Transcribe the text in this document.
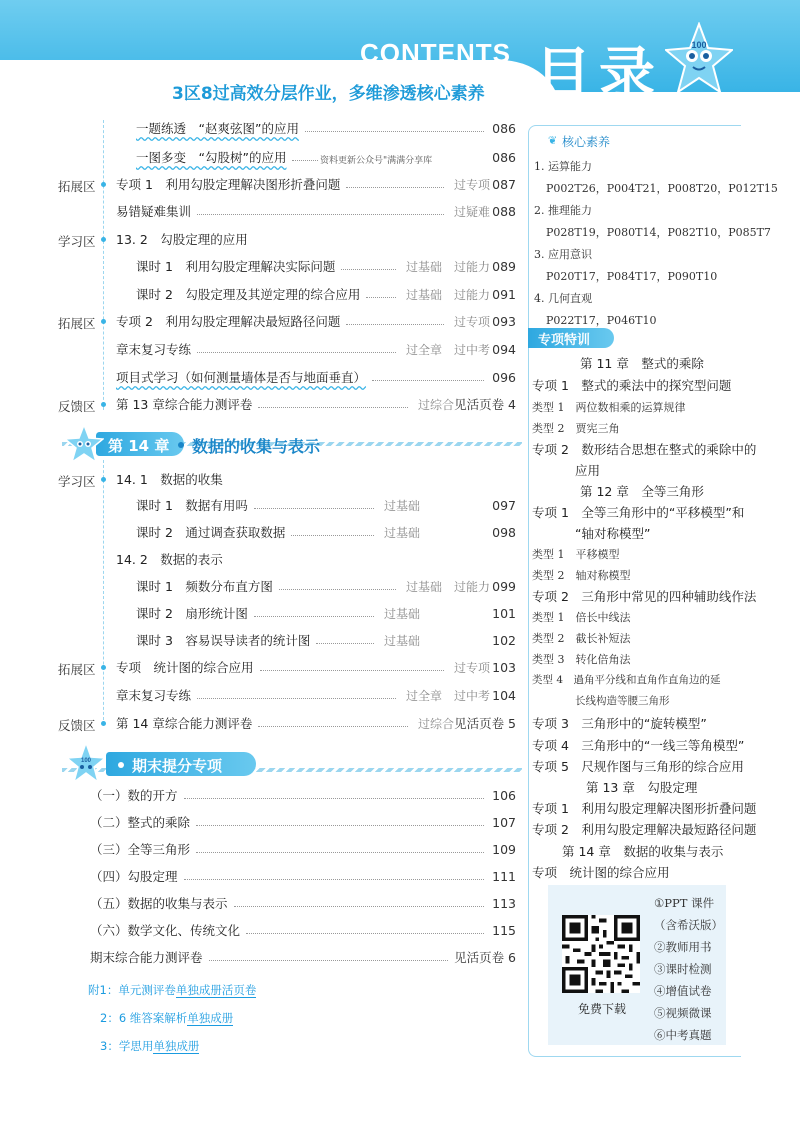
CONTENTS
3区8过高效分层作业，多维渗透核心素养 目录	100
一题练透　“赵爽弦图”的应用	086
一图多变　“勾股树”的应用	086
资料更新公众号"满满分享库
拓展区 专项 1　利用勾股定理解决图形折叠问题	过专项 087
易错疑难集训	过疑难 088
学习区 13. 2　勾股定理的应用
课时 1　利用勾股定理解决实际问题	过基础 过能力 089
课时 2　勾股定理及其逆定理的综合应用	过基础 过能力 091
拓展区 专项 2　利用勾股定理解决最短路径问题	过专项 093
章末复习专练	过全章 过中考 094
项目式学习（如何测量墙体是否与地面垂直）	096
反馈区 第 13 章综合能力测评卷	过综合 见活页卷 4
第 14 章 数据的收集与表示
学习区 14. 1　数据的收集
课时 1　数据有用吗	过基础	097
课时 2　通过调查获取数据	过基础	098
14. 2　数据的表示
课时 1　频数分布直方图	过基础 过能力 099
课时 2　扇形统计图	过基础	101
课时 3　容易误导读者的统计图	过基础	102
拓展区 专项　统计图的综合应用	过专项 103
章末复习专练	过全章 过中考 104
反馈区 第 14 章综合能力测评卷	过综合 见活页卷 5
100	期末提分专项
（一）数的开方	106
（二）整式的乘除	107
（三）全等三角形	109
（四）勾股定理	111
（五）数据的收集与表示	113
（六）数学文化、传统文化	115
期末综合能力测评卷	见活页卷 6
附1：单元测评卷单独成册活页卷
2：6 维答案解析单独成册
3：学思用单独成册
❦ 核心素养
1. 运算能力
P002T26，P004T21，P008T20，P012T15
2. 推理能力
P028T19，P080T14，P082T10，P085T7
3. 应用意识
P020T17，P084T17，P090T10
4. 几何直观
P022T17，P046T10
专项特训
第 11 章　整式的乘除
专项 1　整式的乘法中的探究型问题
类型 1　两位数相乘的运算规律
类型 2　贾宪三角
专项 2　数形结合思想在整式的乘除中的
应用
第 12 章　全等三角形
专项 1　全等三角形中的“平移模型”和
“轴对称模型”
类型 1　平移模型
类型 2　轴对称模型
专项 2　三角形中常见的四种辅助线作法
类型 1　倍长中线法
类型 2　截长补短法
类型 3　转化倍角法
类型 4　過角平分线和直角作直角边的延
长线构造等腰三角形
专项 3　三角形中的“旋转模型”
专项 4　三角形中的“一线三等角模型”
专项 5　尺规作图与三角形的综合应用
第 13 章　勾股定理
专项 1　利用勾股定理解决图形折叠问题
专项 2　利用勾股定理解决最短路径问题
第 14 章　数据的收集与表示
专项　统计图的综合应用
免费下载
①PPT 课件
（含希沃版）
②教师用书
③课时检测
④增值试卷
⑤视频微课
⑥中考真题
